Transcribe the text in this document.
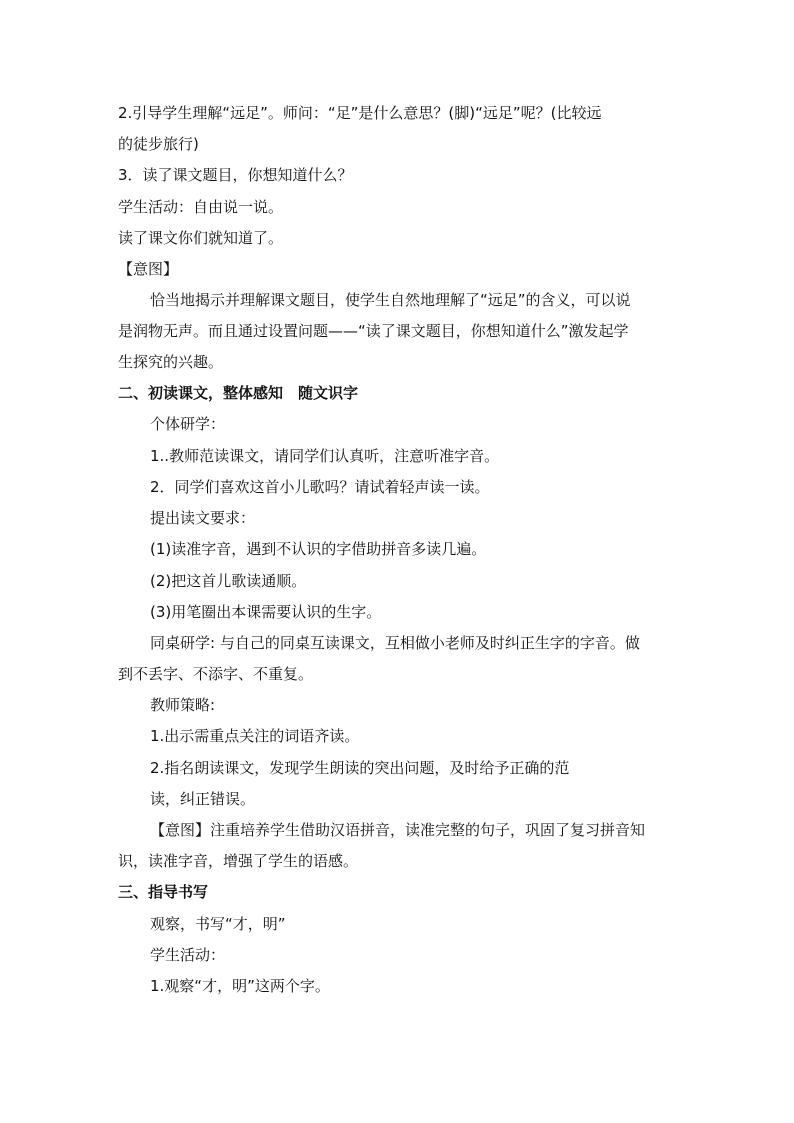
2.引导学生理解“远足”。师问：“足”是什么意思？(脚)“远足”呢？(比较远
的徒步旅行)
3．读了课文题目，你想知道什么？
学生活动：自由说一说。
读了课文你们就知道了。
【意图】
恰当地揭示并理解课文题目，使学生自然地理解了“远足”的含义，可以说
是润物无声。而且通过设置问题——“读了课文题目，你想知道什么”激发起学
生探究的兴趣。
二、初读课文，整体感知　随文识字
个体研学：
1..教师范读课文，请同学们认真听，注意听准字音。
2．同学们喜欢这首小儿歌吗？请试着轻声读一读。
提出读文要求：
(1)读准字音，遇到不认识的字借助拼音多读几遍。
(2)把这首儿歌读通顺。
(3)用笔圈出本课需要认识的生字。
同桌研学: 与自己的同桌互读课文，互相做小老师及时纠正生字的字音。做
到不丢字、不添字、不重复。
教师策略:
1.出示需重点关注的词语齐读。
2.指名朗读课文，发现学生朗读的突出问题，及时给予正确的范
读，纠正错误。
【意图】注重培养学生借助汉语拼音，读准完整的句子，巩固了复习拼音知
识，读准字音，增强了学生的语感。
三、指导书写
观察，书写“才，明”
学生活动：
1.观察“才，明”这两个字。
